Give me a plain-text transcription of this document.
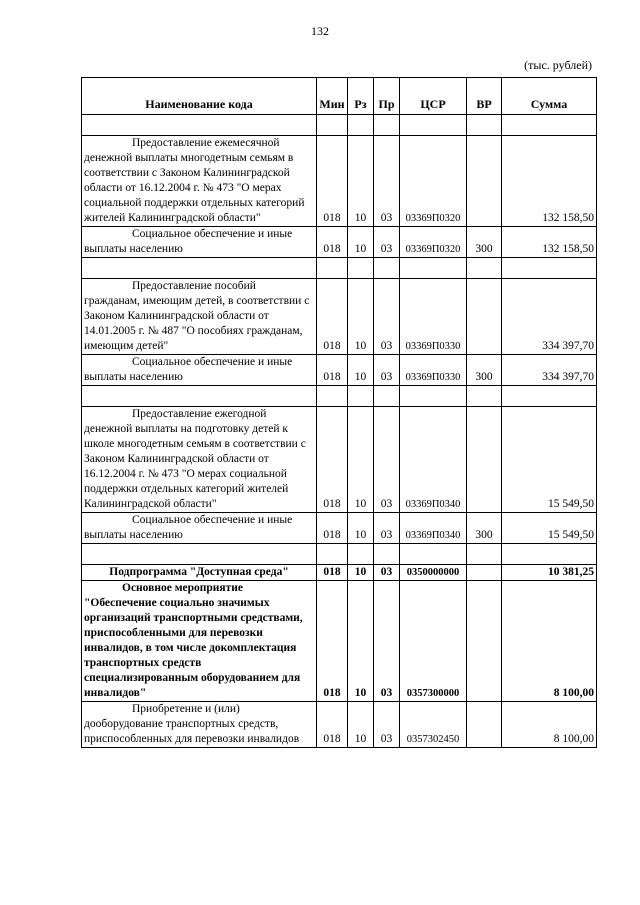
132
(тыс. рублей)
Наименование кода	Мин	Рз	Пр	ЦСР	ВР	Сумма

Предоставление ежемесячной денежной выплаты многодетным семьям в соответствии с Законом Калининградской области от 16.12.2004 г. № 473 "О мерах социальной поддержки отдельных категорий жителей Калининградской области"	018	10	03	03369П0320		132 158,50
Социальное обеспечение и иные выплаты населению	018	10	03	03369П0320	300	132 158,50

Предоставление пособий гражданам, имеющим детей, в соответствии с Законом Калининградской области от 14.01.2005 г. № 487 "О пособиях гражданам, имеющим детей"	018	10	03	03369П0330		334 397,70
Социальное обеспечение и иные выплаты населению	018	10	03	03369П0330	300	334 397,70

Предоставление ежегодной денежной выплаты на подготовку детей к школе многодетным семьям в соответствии с Законом Калининградской области от 16.12.2004 г. № 473 "О мерах социальной поддержки отдельных категорий жителей Калининградской области"	018	10	03	03369П0340		15 549,50
Социальное обеспечение и иные выплаты населению	018	10	03	03369П0340	300	15 549,50

Подпрограмма "Доступная среда"	018	10	03	0350000000		10 381,25
Основное мероприятие "Обеспечение социально значимых организаций транспортными средствами, приспособленными для перевозки инвалидов, в том числе докомплектация транспортных средств специализированным оборудованием для инвалидов"	018	10	03	0357300000		8 100,00
Приобретение и (или) дооборудование транспортных средств, приспособленных для перевозки инвалидов	018	10	03	0357302450		8 100,00
